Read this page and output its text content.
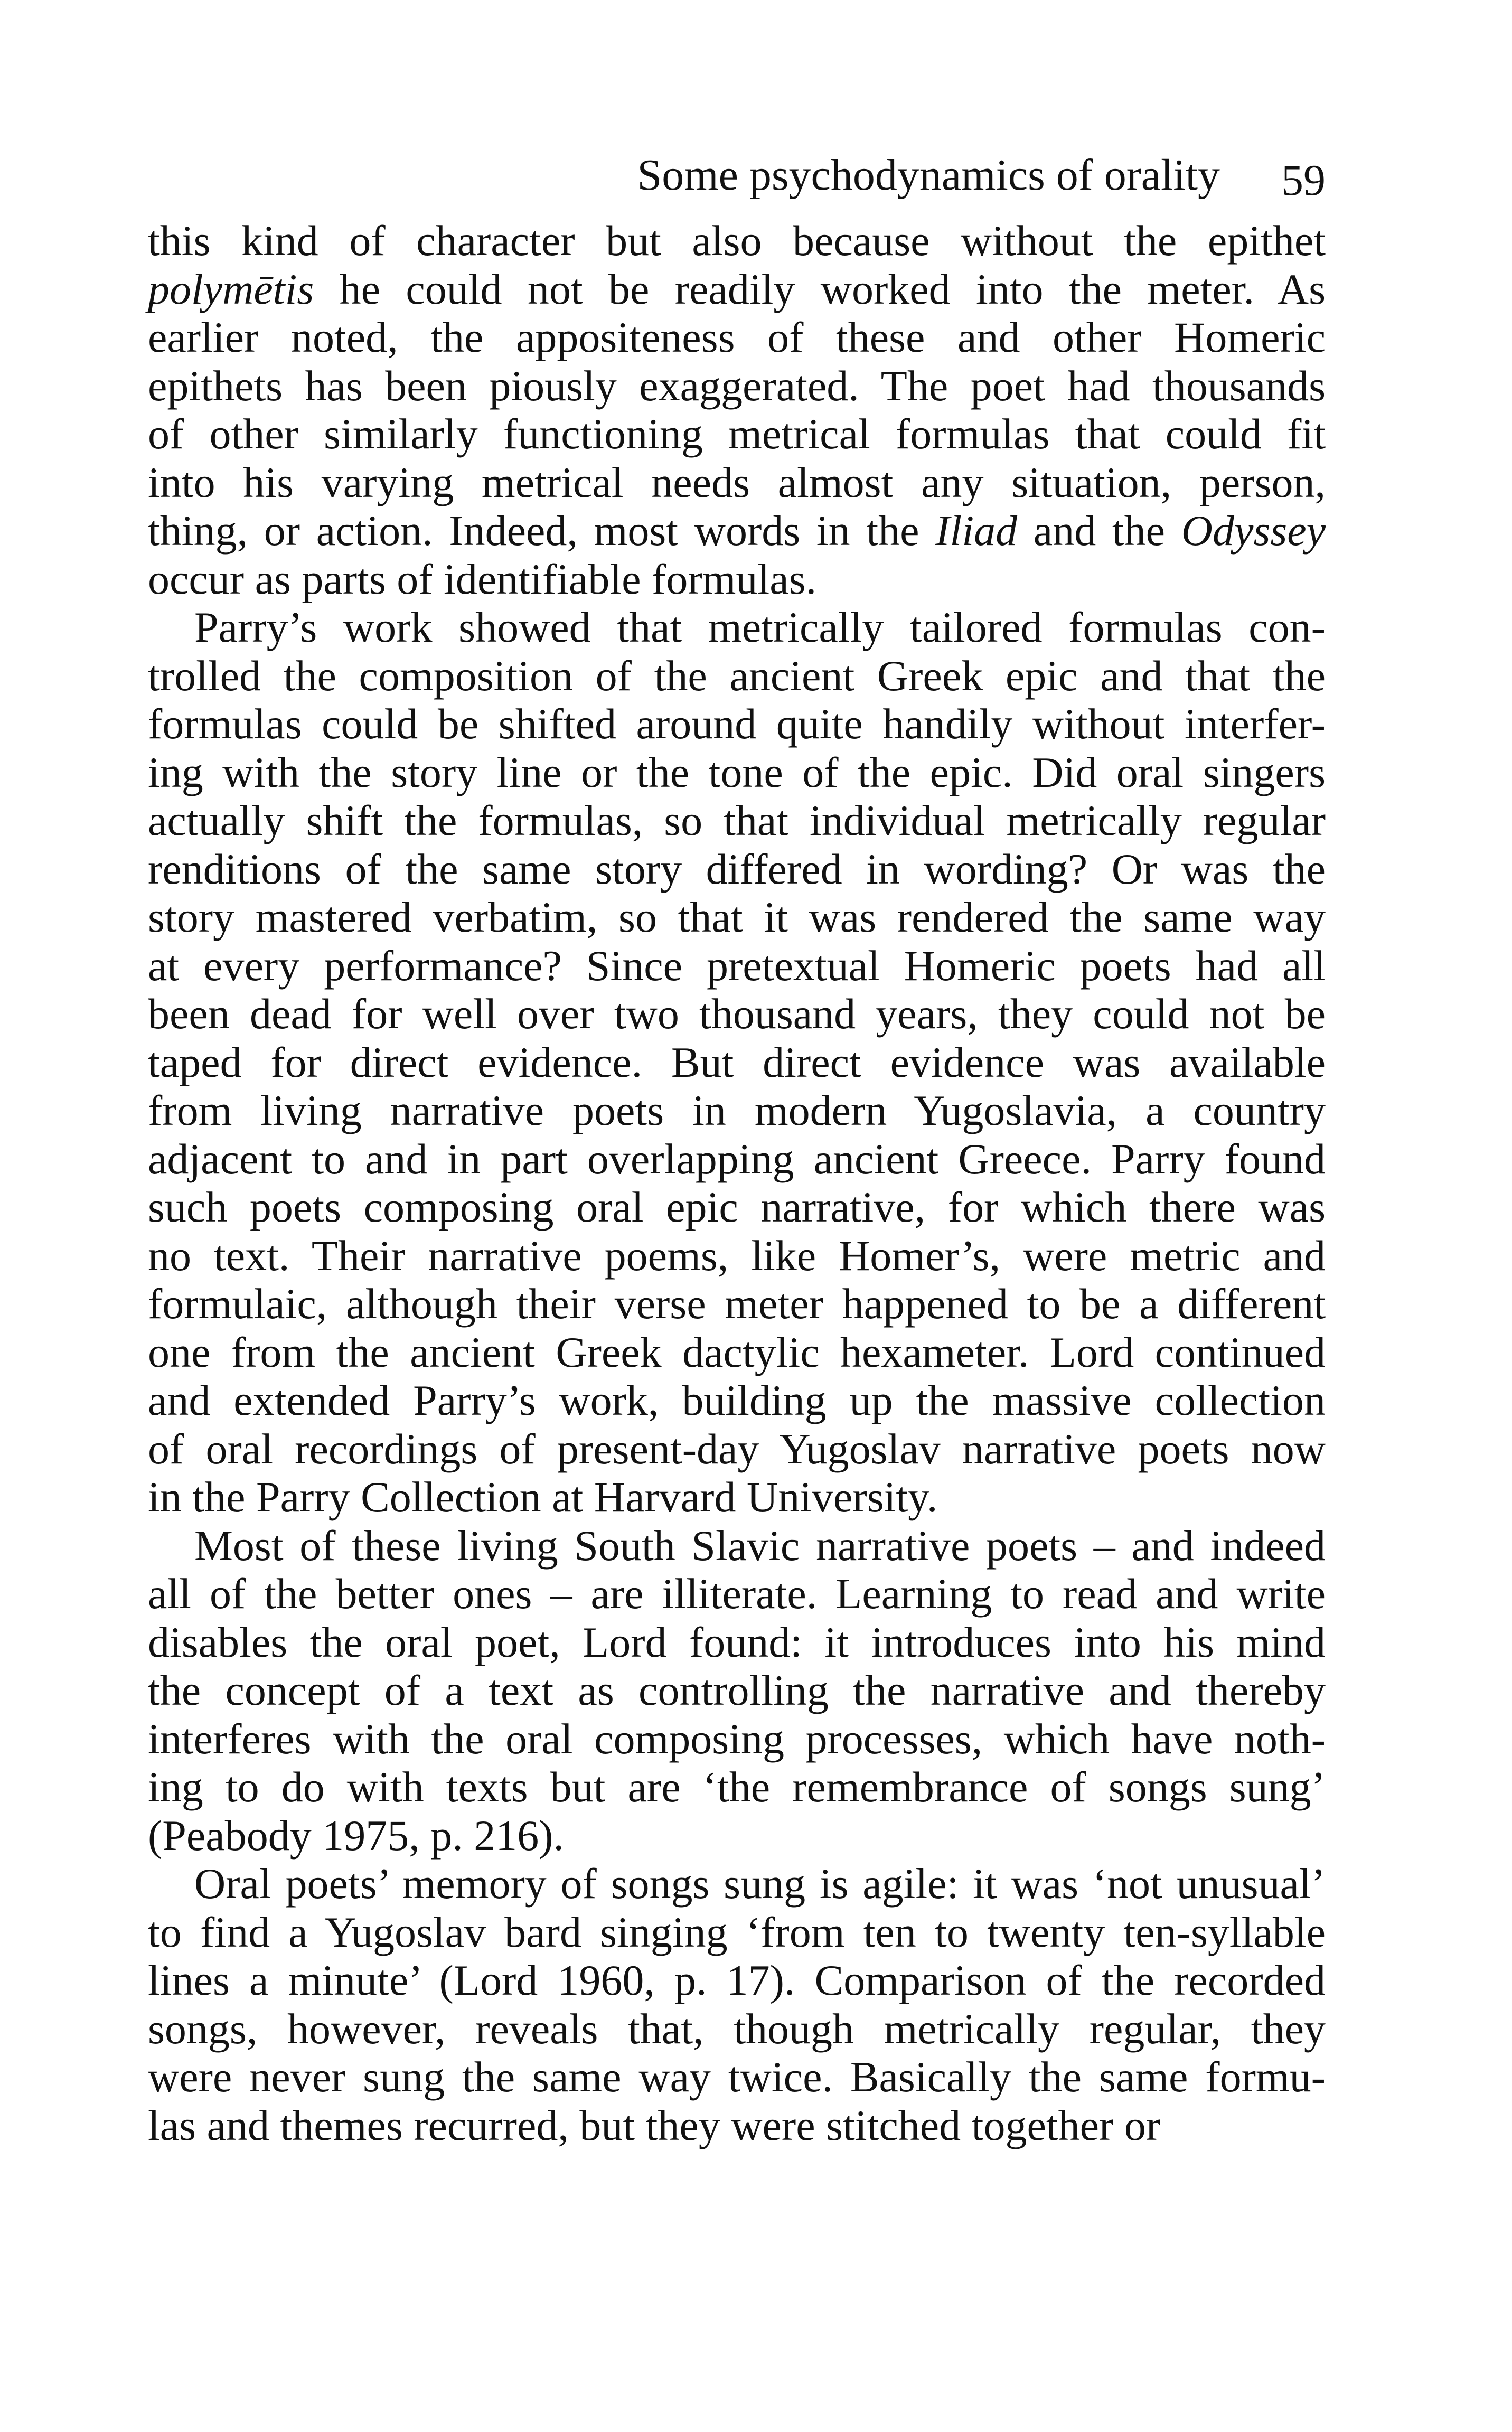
Some psychodynamics of orality 59
this kind of character but also because without the epithet
polymētis he could not be readily worked into the meter. As
earlier noted, the appositeness of these and other Homeric
epithets has been piously exaggerated. The poet had thousands
of other similarly functioning metrical formulas that could fit
into his varying metrical needs almost any situation, person,
thing, or action. Indeed, most words in the Iliad and the Odyssey
occur as parts of identifiable formulas.
Parry’s work showed that metrically tailored formulas con-
trolled the composition of the ancient Greek epic and that the
formulas could be shifted around quite handily without interfer-
ing with the story line or the tone of the epic. Did oral singers
actually shift the formulas, so that individual metrically regular
renditions of the same story differed in wording? Or was the
story mastered verbatim, so that it was rendered the same way
at every performance? Since pretextual Homeric poets had all
been dead for well over two thousand years, they could not be
taped for direct evidence. But direct evidence was available
from living narrative poets in modern Yugoslavia, a country
adjacent to and in part overlapping ancient Greece. Parry found
such poets composing oral epic narrative, for which there was
no text. Their narrative poems, like Homer’s, were metric and
formulaic, although their verse meter happened to be a different
one from the ancient Greek dactylic hexameter. Lord continued
and extended Parry’s work, building up the massive collection
of oral recordings of present-day Yugoslav narrative poets now
in the Parry Collection at Harvard University.
Most of these living South Slavic narrative poets – and indeed
all of the better ones – are illiterate. Learning to read and write
disables the oral poet, Lord found: it introduces into his mind
the concept of a text as controlling the narrative and thereby
interferes with the oral composing processes, which have noth-
ing to do with texts but are ‘the remembrance of songs sung’
(Peabody 1975, p. 216).
Oral poets’ memory of songs sung is agile: it was ‘not unusual’
to find a Yugoslav bard singing ‘from ten to twenty ten-syllable
lines a minute’ (Lord 1960, p. 17). Comparison of the recorded
songs, however, reveals that, though metrically regular, they
were never sung the same way twice. Basically the same formu-
las and themes recurred, but they were stitched together or
